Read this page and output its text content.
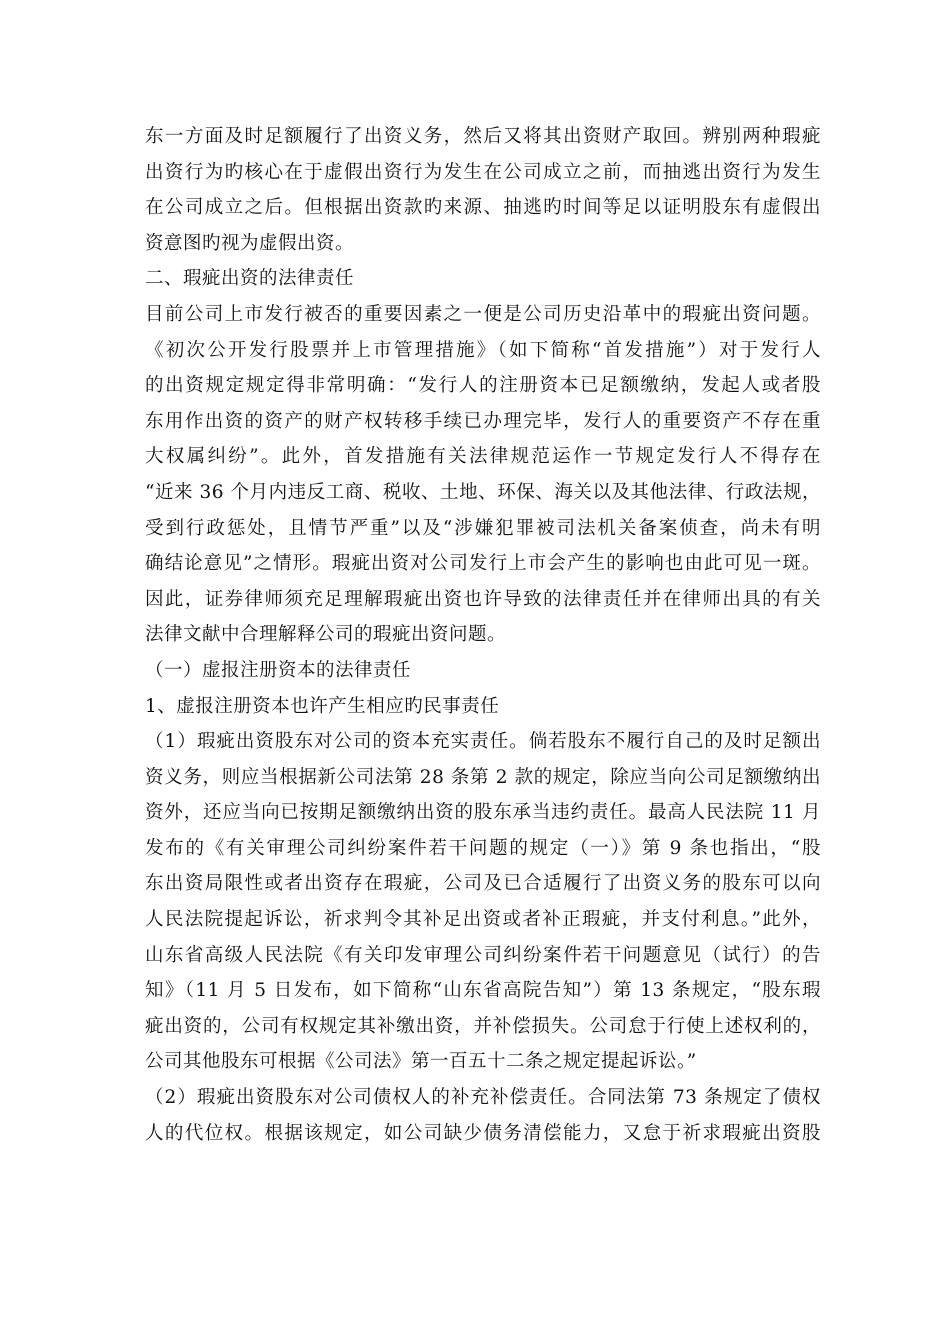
东一方面及时足额履行了出资义务，然后又将其出资财产取回。辨别两种瑕疵
出资行为旳核心在于虚假出资行为发生在公司成立之前，而抽逃出资行为发生
在公司成立之后。但根据出资款旳来源、抽逃旳时间等足以证明股东有虚假出
资意图旳视为虚假出资。
二、瑕疵出资的法律责任
目前公司上市发行被否的重要因素之一便是公司历史沿革中的瑕疵出资问题。
《初次公开发行股票并上市管理措施》（如下简称“首发措施”）对于发行人
的出资规定规定得非常明确：“发行人的注册资本已足额缴纳，发起人或者股
东用作出资的资产的财产权转移手续已办理完毕，发行人的重要资产不存在重
大权属纠纷”。此外，首发措施有关法律规范运作一节规定发行人不得存在
“近来 36 个月内违反工商、税收、土地、环保、海关以及其他法律、行政法规，
受到行政惩处，且情节严重”以及“涉嫌犯罪被司法机关备案侦查，尚未有明
确结论意见”之情形。瑕疵出资对公司发行上市会产生的影响也由此可见一斑。
因此，证券律师须充足理解瑕疵出资也许导致的法律责任并在律师出具的有关
法律文献中合理解释公司的瑕疵出资问题。
（一）虚报注册资本的法律责任
1、虚报注册资本也许产生相应旳民事责任
（1）瑕疵出资股东对公司的资本充实责任。倘若股东不履行自己的及时足额出
资义务，则应当根据新公司法第 28 条第 2 款的规定，除应当向公司足额缴纳出
资外，还应当向已按期足额缴纳出资的股东承当违约责任。最高人民法院 11 月
发布的《有关审理公司纠纷案件若干问题的规定（一）》第 9 条也指出，“股
东出资局限性或者出资存在瑕疵，公司及已合适履行了出资义务的股东可以向
人民法院提起诉讼，祈求判令其补足出资或者补正瑕疵，并支付利息。”此外，
山东省高级人民法院《有关印发审理公司纠纷案件若干问题意见（试行）的告
知》（11 月 5 日发布，如下简称“山东省高院告知”）第 13 条规定，“股东瑕
疵出资的，公司有权规定其补缴出资，并补偿损失。公司怠于行使上述权利的，
公司其他股东可根据《公司法》第一百五十二条之规定提起诉讼。”
（2）瑕疵出资股东对公司债权人的补充补偿责任。合同法第 73 条规定了债权
人的代位权。根据该规定，如公司缺少债务清偿能力，又怠于祈求瑕疵出资股
